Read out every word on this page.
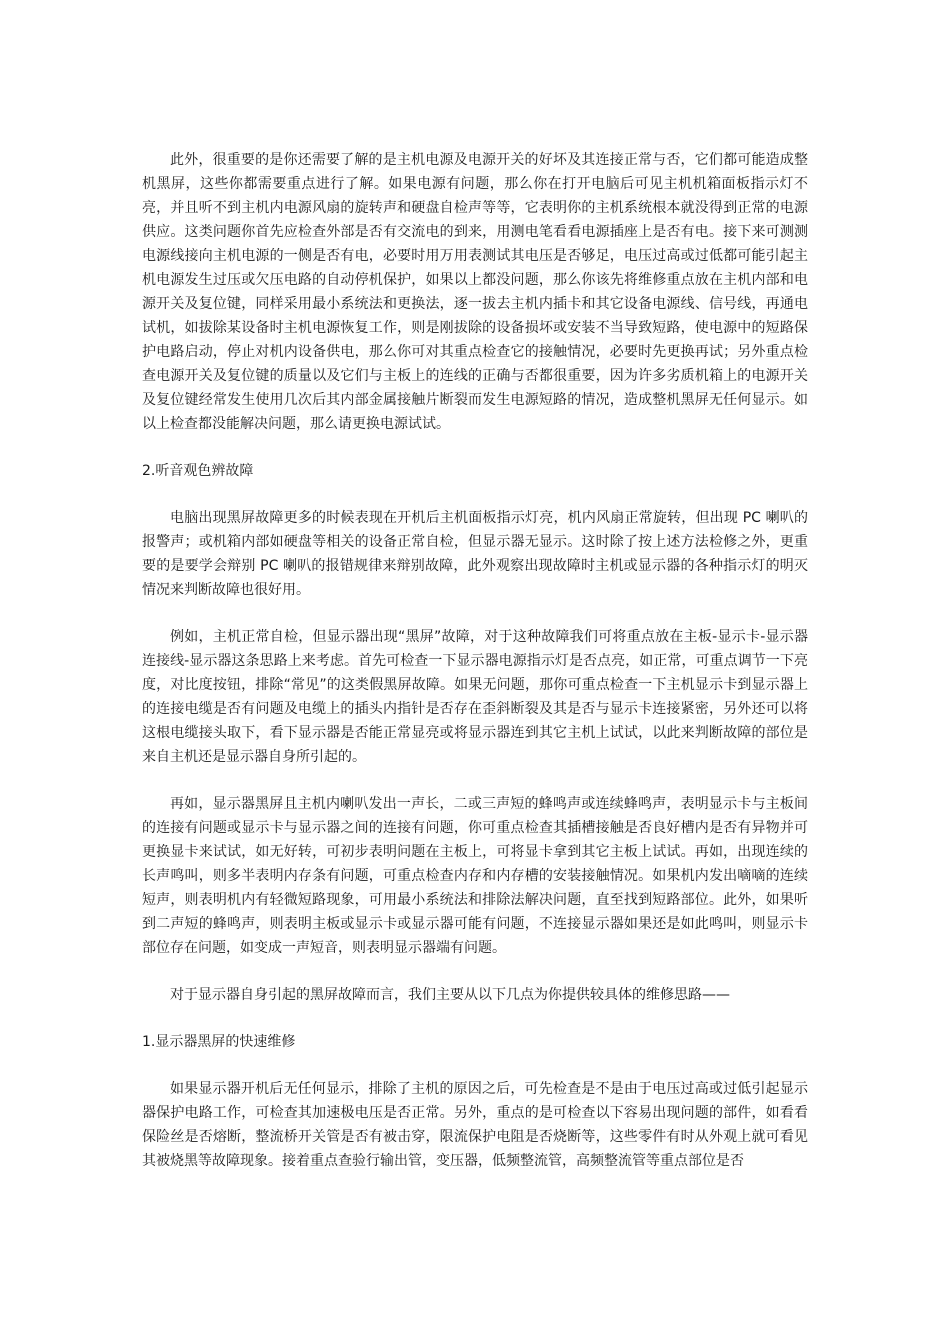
此外，很重要的是你还需要了解的是主机电源及电源开关的好坏及其连接正常与否，它们都可能造成整机黑屏，这些你都需要重点进行了解。如果电源有问题，那么你在打开电脑后可见主机机箱面板指示灯不亮，并且听不到主机内电源风扇的旋转声和硬盘自检声等等，它表明你的主机系统根本就没得到正常的电源供应。这类问题你首先应检查外部是否有交流电的到来，用测电笔看看电源插座上是否有电。接下来可测测电源线接向主机电源的一侧是否有电，必要时用万用表测试其电压是否够足，电压过高或过低都可能引起主机电源发生过压或欠压电路的自动停机保护，如果以上都没问题，那么你该先将维修重点放在主机内部和电源开关及复位键，同样采用最小系统法和更换法，逐一拔去主机内插卡和其它设备电源线、信号线，再通电试机，如拔除某设备时主机电源恢复工作，则是刚拔除的设备损坏或安装不当导致短路，使电源中的短路保护电路启动，停止对机内设备供电，那么你可对其重点检查它的接触情况，必要时先更换再试；另外重点检查电源开关及复位键的质量以及它们与主板上的连线的正确与否都很重要，因为许多劣质机箱上的电源开关及复位键经常发生使用几次后其内部金属接触片断裂而发生电源短路的情况，造成整机黑屏无任何显示。如以上检查都没能解决问题，那么请更换电源试试。

2.听音观色辨故障

电脑出现黑屏故障更多的时候表现在开机后主机面板指示灯亮，机内风扇正常旋转，但出现 PC 喇叭的报警声；或机箱内部如硬盘等相关的设备正常自检，但显示器无显示。这时除了按上述方法检修之外，更重要的是要学会辩别 PC 喇叭的报错规律来辩别故障，此外观察出现故障时主机或显示器的各种指示灯的明灭情况来判断故障也很好用。

例如，主机正常自检，但显示器出现“黑屏”故障，对于这种故障我们可将重点放在主板-显示卡-显示器连接线-显示器这条思路上来考虑。首先可检查一下显示器电源指示灯是否点亮，如正常，可重点调节一下亮度，对比度按钮，排除“常见”的这类假黑屏故障。如果无问题，那你可重点检查一下主机显示卡到显示器上的连接电缆是否有问题及电缆上的插头内指针是否存在歪斜断裂及其是否与显示卡连接紧密，另外还可以将这根电缆接头取下，看下显示器是否能正常显亮或将显示器连到其它主机上试试，以此来判断故障的部位是来自主机还是显示器自身所引起的。

再如，显示器黑屏且主机内喇叭发出一声长，二或三声短的蜂鸣声或连续蜂鸣声，表明显示卡与主板间的连接有问题或显示卡与显示器之间的连接有问题，你可重点检查其插槽接触是否良好槽内是否有异物并可更换显卡来试试，如无好转，可初步表明问题在主板上，可将显卡拿到其它主板上试试。再如，出现连续的长声鸣叫，则多半表明内存条有问题，可重点检查内存和内存槽的安装接触情况。如果机内发出嘀嘀的连续短声，则表明机内有轻微短路现象，可用最小系统法和排除法解决问题，直至找到短路部位。此外，如果听到二声短的蜂鸣声，则表明主板或显示卡或显示器可能有问题，不连接显示器如果还是如此鸣叫，则显示卡部位存在问题，如变成一声短音，则表明显示器端有问题。

对于显示器自身引起的黑屏故障而言，我们主要从以下几点为你提供较具体的维修思路——

1.显示器黑屏的快速维修

如果显示器开机后无任何显示，排除了主机的原因之后，可先检查是不是由于电压过高或过低引起显示器保护电路工作，可检查其加速极电压是否正常。另外，重点的是可检查以下容易出现问题的部件，如看看保险丝是否熔断，整流桥开关管是否有被击穿，限流保护电阻是否烧断等，这些零件有时从外观上就可看见其被烧黑等故障现象。接着重点查验行输出管，变压器，低频整流管，高频整流管等重点部位是否
